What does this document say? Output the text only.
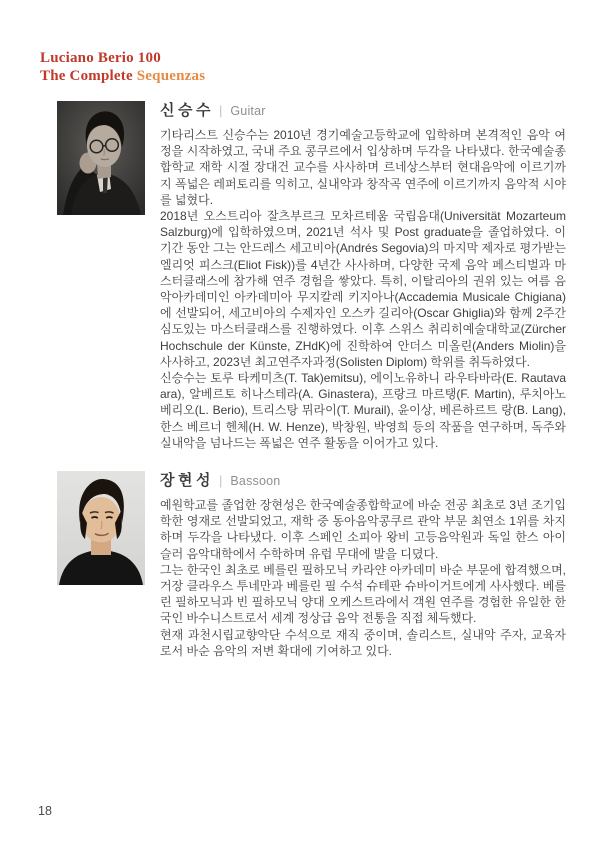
Luciano Berio 100
The Complete Sequenzas
신승수 | Guitar

기타리스트 신승수는 2010년 경기예술고등학교에 입학하며 본격적인 음악 여정을 시작하였고, 국내 주요 콩쿠르에서 입상하며 두각을 나타냈다. 한국예술종합학교 재학 시절 장대건 교수를 사사하며 르네상스부터 현대음악에 이르기까지 폭넓은 레퍼토리를 익히고, 실내악과 창작곡 연주에 이르기까지 음악적 시야를 넓혔다.

2018년 오스트리아 잘츠부르크 모차르테움 국립음대(Universität Mozarteum Salzburg)에 입학하였으며, 2021년 석사 및 Post graduate을 졸업하였다. 이 기간 동안 그는 안드레스 세고비아(Andrés Segovia)의 마지막 제자로 평가받는 엘리엇 피스크(Eliot Fisk))를 4년간 사사하며, 다양한 국제 음악 페스티벌과 마스터클래스에 참가해 연주 경험을 쌓았다. 특히, 이탈리아의 권위 있는 여름 음악아카데미인 아카데미아 무지칼레 키지아나(Accademia Musicale Chigiana)에 선발되어, 세고비아의 수제자인 오스카 길리아(Oscar Ghiglia)와 함께 2주간 심도있는 마스터클래스를 진행하였다. 이후 스위스 취리히예술대학교(Zürcher Hochschule der Künste, ZHdK)에 진학하여 안더스 미올린(Anders Miolin)을 사사하고, 2023년 최고연주자과정(Solisten Diplom) 학위를 취득하였다.

신승수는 토루 타케미츠(T. Tak)emitsu), 에이노유하니 라우타바라(E. Rautavaara), 알베르토 히나스테라(A. Ginastera), 프랑크 마르탱(F. Martin), 루치아노 베리오(L. Berio), 트리스탕 뮈라이(T. Murail), 윤이상, 베른하르트 랑(B. Lang), 한스 베르너 헨체(H. W. Henze), 박창원, 박영희 등의 작품을 연구하며, 독주와 실내악을 넘나드는 폭넓은 연주 활동을 이어가고 있다.

장현성 | Bassoon

예원학교를 졸업한 장현성은 한국예술종합학교에 바순 전공 최초로 3년 조기입학한 영재로 선발되었고, 재학 중 동아음악콩쿠르 관악 부문 최연소 1위를 차지하며 두각을 나타냈다. 이후 스페인 소피아 왕비 고등음악원과 독일 한스 아이슬러 음악대학에서 수학하며 유럽 무대에 발을 디뎠다.

그는 한국인 최초로 베를린 필하모닉 카라얀 아카데미 바순 부문에 합격했으며, 거장 클라우스 투네만과 베를린 필 수석 슈테판 슈바이거트에게 사사했다. 베를린 필하모닉과 빈 필하모닉 양대 오케스트라에서 객원 연주를 경험한 유일한 한국인 바수니스트로서 세계 정상급 음악 전통을 직접 체득했다.

현재 과천시립교향악단 수석으로 재직 중이며, 솔리스트, 실내악 주자, 교육자로서 바순 음악의 저변 확대에 기여하고 있다.

18
